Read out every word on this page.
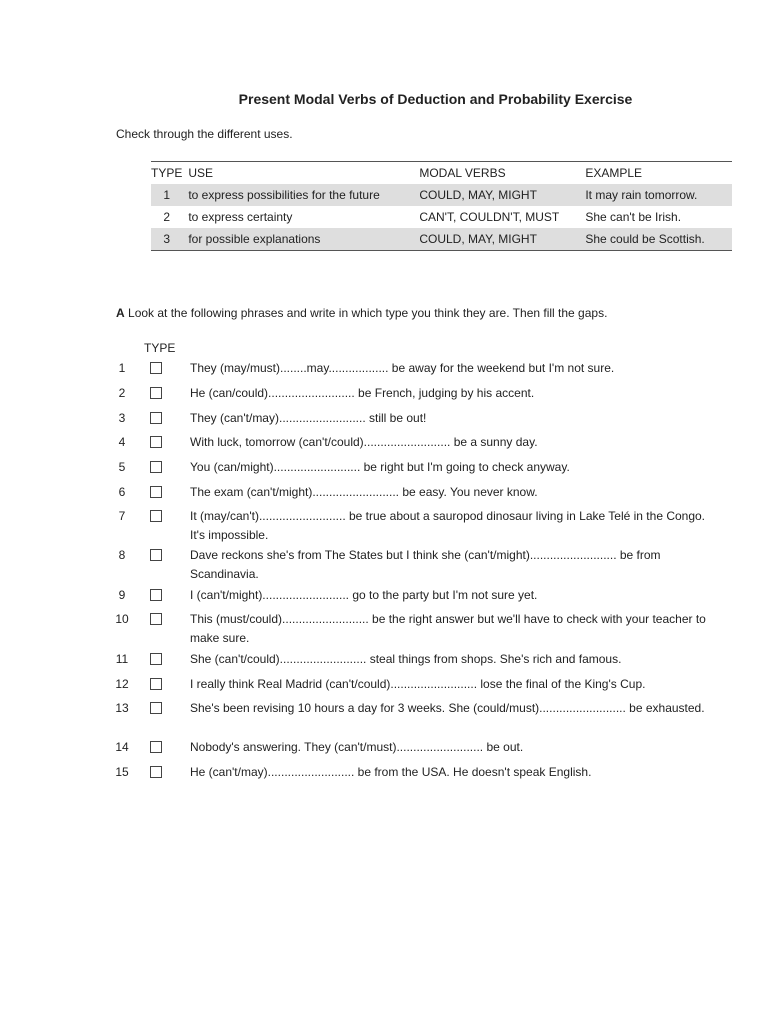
Present Modal Verbs of Deduction and Probability Exercise
Check through the different uses.
TYPE	USE	MODAL VERBS	EXAMPLE
1	to express possibilities for the future	COULD, MAY, MIGHT	It may rain tomorrow.
2	to express certainty	CAN'T, COULDN'T, MUST	She can't be Irish.
3	for possible explanations	COULD, MAY, MIGHT	She could be Scottish.
A Look at the following phrases and write in which type you think they are. Then fill the gaps.
TYPE
1	They (may/must)........may.................. be away for the weekend but I'm not sure.
2	He (can/could).......................... be French, judging by his accent.
3	They (can't/may).......................... still be out!
4	With luck, tomorrow (can't/could).......................... be a sunny day.
5	You (can/might).......................... be right but I'm going to check anyway.
6	The exam (can't/might).......................... be easy. You never know.
7	It (may/can't).......................... be true about a sauropod dinosaur living in Lake Telé in the Congo. It's impossible.
8	Dave reckons she's from The States but I think she (can't/might).......................... be from Scandinavia.
9	I (can't/might).......................... go to the party but I'm not sure yet.
10	This (must/could).......................... be the right answer but we'll have to check with your teacher to make sure.
11	She (can't/could).......................... steal things from shops. She's rich and famous.
12	I really think Real Madrid (can't/could).......................... lose the final of the King's Cup.
13	She's been revising 10 hours a day for 3 weeks. She (could/must).......................... be exhausted.
14	Nobody's answering. They (can't/must).......................... be out.
15	He (can't/may).......................... be from the USA. He doesn't speak English.
